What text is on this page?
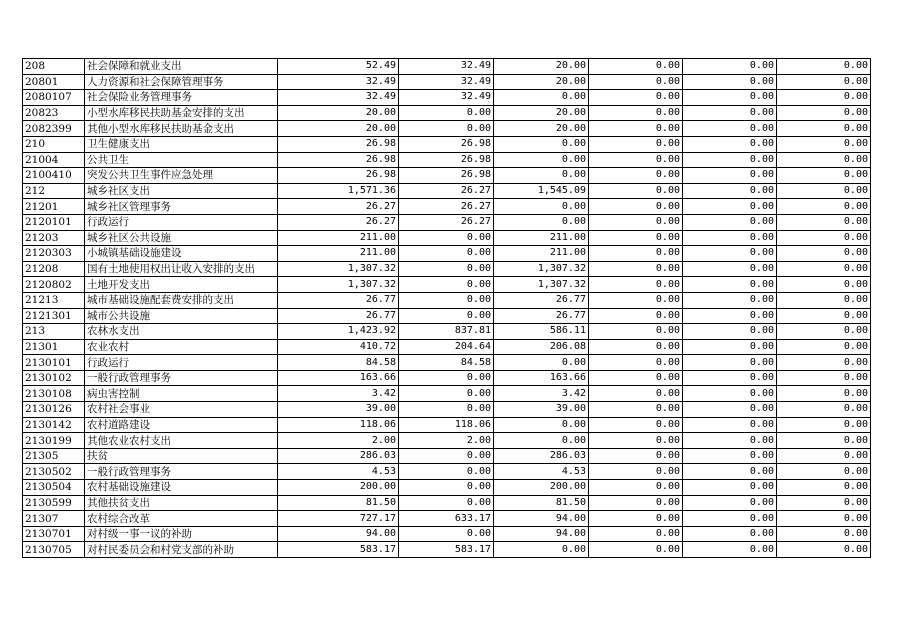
208	社会保障和就业支出	52.49	32.49	20.00	0.00	0.00	0.00
20801	人力资源和社会保障管理事务	32.49	32.49	20.00	0.00	0.00	0.00
2080107	社会保险业务管理事务	32.49	32.49	0.00	0.00	0.00	0.00
20823	小型水库移民扶助基金安排的支出	20.00	0.00	20.00	0.00	0.00	0.00
2082399	其他小型水库移民扶助基金支出	20.00	0.00	20.00	0.00	0.00	0.00
210	卫生健康支出	26.98	26.98	0.00	0.00	0.00	0.00
21004	公共卫生	26.98	26.98	0.00	0.00	0.00	0.00
2100410	突发公共卫生事件应急处理	26.98	26.98	0.00	0.00	0.00	0.00
212	城乡社区支出	1,571.36	26.27	1,545.09	0.00	0.00	0.00
21201	城乡社区管理事务	26.27	26.27	0.00	0.00	0.00	0.00
2120101	行政运行	26.27	26.27	0.00	0.00	0.00	0.00
21203	城乡社区公共设施	211.00	0.00	211.00	0.00	0.00	0.00
2120303	小城镇基础设施建设	211.00	0.00	211.00	0.00	0.00	0.00
21208	国有土地使用权出让收入安排的支出	1,307.32	0.00	1,307.32	0.00	0.00	0.00
2120802	土地开发支出	1,307.32	0.00	1,307.32	0.00	0.00	0.00
21213	城市基础设施配套费安排的支出	26.77	0.00	26.77	0.00	0.00	0.00
2121301	城市公共设施	26.77	0.00	26.77	0.00	0.00	0.00
213	农林水支出	1,423.92	837.81	586.11	0.00	0.00	0.00
21301	农业农村	410.72	204.64	206.08	0.00	0.00	0.00
2130101	行政运行	84.58	84.58	0.00	0.00	0.00	0.00
2130102	一般行政管理事务	163.66	0.00	163.66	0.00	0.00	0.00
2130108	病虫害控制	3.42	0.00	3.42	0.00	0.00	0.00
2130126	农村社会事业	39.00	0.00	39.00	0.00	0.00	0.00
2130142	农村道路建设	118.06	118.06	0.00	0.00	0.00	0.00
2130199	其他农业农村支出	2.00	2.00	0.00	0.00	0.00	0.00
21305	扶贫	286.03	0.00	286.03	0.00	0.00	0.00
2130502	一般行政管理事务	4.53	0.00	4.53	0.00	0.00	0.00
2130504	农村基础设施建设	200.00	0.00	200.00	0.00	0.00	0.00
2130599	其他扶贫支出	81.50	0.00	81.50	0.00	0.00	0.00
21307	农村综合改革	727.17	633.17	94.00	0.00	0.00	0.00
2130701	对村级一事一议的补助	94.00	0.00	94.00	0.00	0.00	0.00
2130705	对村民委员会和村党支部的补助	583.17	583.17	0.00	0.00	0.00	0.00
